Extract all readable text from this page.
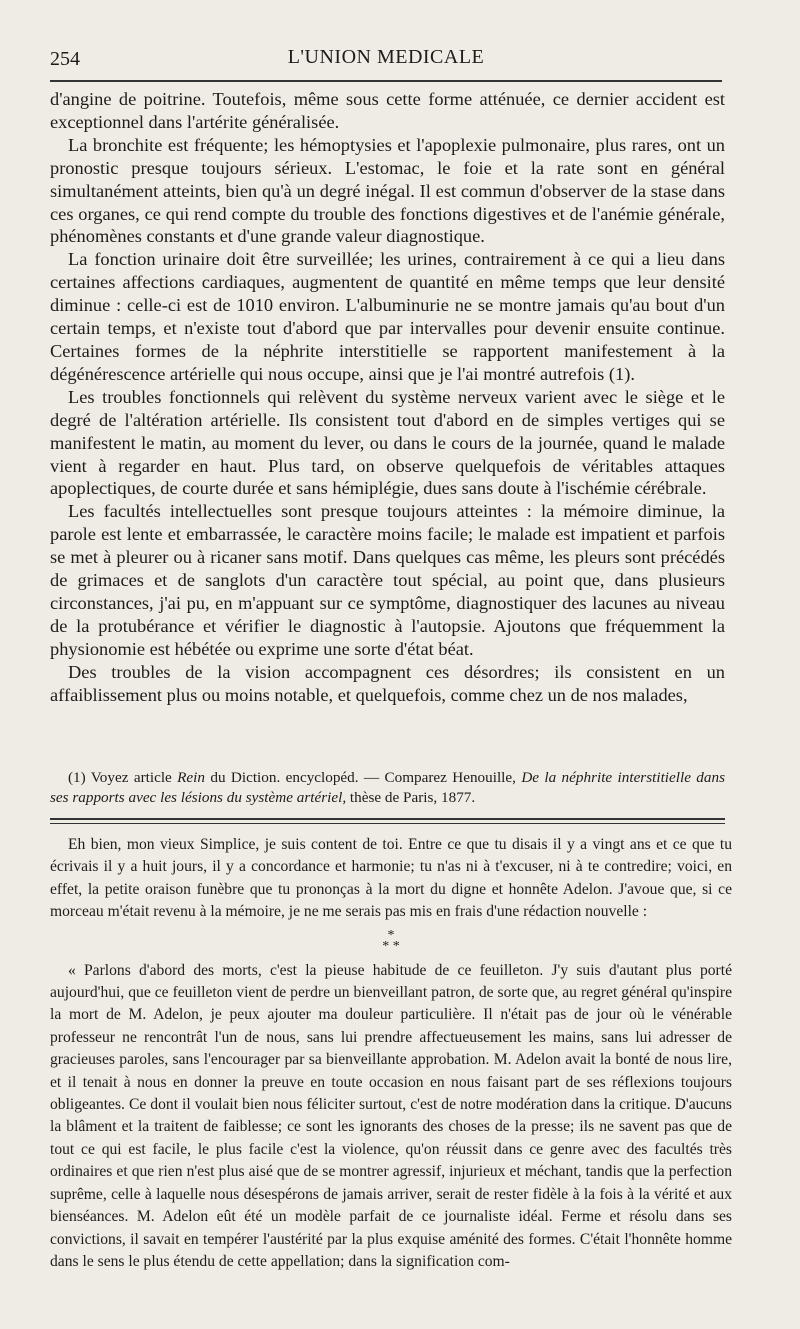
254	L'UNION MEDICALE

d'angine de poitrine. Toutefois, même sous cette forme atténuée, ce dernier accident est exceptionnel dans l'artérite généralisée.

La bronchite est fréquente; les hémoptysies et l'apoplexie pulmonaire, plus rares, ont un pronostic presque toujours sérieux. L'estomac, le foie et la rate sont en général simultanément atteints, bien qu'à un degré inégal. Il est commun d'observer de la stase dans ces organes, ce qui rend compte du trouble des fonctions digestives et de l'anémie générale, phénomènes constants et d'une grande valeur diagnostique.

La fonction urinaire doit être surveillée; les urines, contrairement à ce qui a lieu dans certaines affections cardiaques, augmentent de quantité en même temps que leur densité diminue : celle-ci est de 1010 environ. L'albuminurie ne se montre jamais qu'au bout d'un certain temps, et n'existe tout d'abord que par intervalles pour devenir ensuite continue. Certaines formes de la néphrite interstitielle se rapportent manifestement à la dégénérescence artérielle qui nous occupe, ainsi que je l'ai montré autrefois (1).

Les troubles fonctionnels qui relèvent du système nerveux varient avec le siège et le degré de l'altération artérielle. Ils consistent tout d'abord en de simples vertiges qui se manifestent le matin, au moment du lever, ou dans le cours de la journée, quand le malade vient à regarder en haut. Plus tard, on observe quelquefois de véritables attaques apoplectiques, de courte durée et sans hémiplégie, dues sans doute à l'ischémie cérébrale.

Les facultés intellectuelles sont presque toujours atteintes : la mémoire diminue, la parole est lente et embarrassée, le caractère moins facile; le malade est impatient et parfois se met à pleurer ou à ricaner sans motif. Dans quelques cas même, les pleurs sont précédés de grimaces et de sanglots d'un caractère tout spécial, au point que, dans plusieurs circonstances, j'ai pu, en m'appuant sur ce symptôme, diagnostiquer des lacunes au niveau de la protubérance et vérifier le diagnostic à l'autopsie. Ajoutons que fréquemment la physionomie est hébétée ou exprime une sorte d'état béat.

Des troubles de la vision accompagnent ces désordres; ils consistent en un affaiblissement plus ou moins notable, et quelquefois, comme chez un de nos malades,

(1) Voyez article Rein du Diction. encyclopéd. — Comparez Henouille, De la néphrite interstitielle dans ses rapports avec les lésions du système artériel, thèse de Paris, 1877.

Eh bien, mon vieux Simplice, je suis content de toi. Entre ce que tu disais il y a vingt ans et ce que tu écrivais il y a huit jours, il y a concordance et harmonie; tu n'as ni à t'excuser, ni à te contredire; voici, en effet, la petite oraison funèbre que tu prononças à la mort du digne et honnête Adelon. J'avoue que, si ce morceau m'était revenu à la mémoire, je ne me serais pas mis en frais d'une rédaction nouvelle :

*
* *

« Parlons d'abord des morts, c'est la pieuse habitude de ce feuilleton. J'y suis d'autant plus porté aujourd'hui, que ce feuilleton vient de perdre un bienveillant patron, de sorte que, au regret général qu'inspire la mort de M. Adelon, je peux ajouter ma douleur particulière. Il n'était pas de jour où le vénérable professeur ne rencontrât l'un de nous, sans lui prendre affectueusement les mains, sans lui adresser de gracieuses paroles, sans l'encourager par sa bienveillante approbation. M. Adelon avait la bonté de nous lire, et il tenait à nous en donner la preuve en toute occasion en nous faisant part de ses réflexions toujours obligeantes. Ce dont il voulait bien nous féliciter surtout, c'est de notre modération dans la critique. D'aucuns la blâment et la traitent de faiblesse; ce sont les ignorants des choses de la presse; ils ne savent pas que de tout ce qui est facile, le plus facile c'est la violence, qu'on réussit dans ce genre avec des facultés très ordinaires et que rien n'est plus aisé que de se montrer agressif, injurieux et méchant, tandis que la perfection suprême, celle à laquelle nous désespérons de jamais arriver, serait de rester fidèle à la fois à la vérité et aux bienséances. M. Adelon eût été un modèle parfait de ce journaliste idéal. Ferme et résolu dans ses convictions, il savait en tempérer l'austérité par la plus exquise aménité des formes. C'était l'honnête homme dans le sens le plus étendu de cette appellation; dans la signification com-
